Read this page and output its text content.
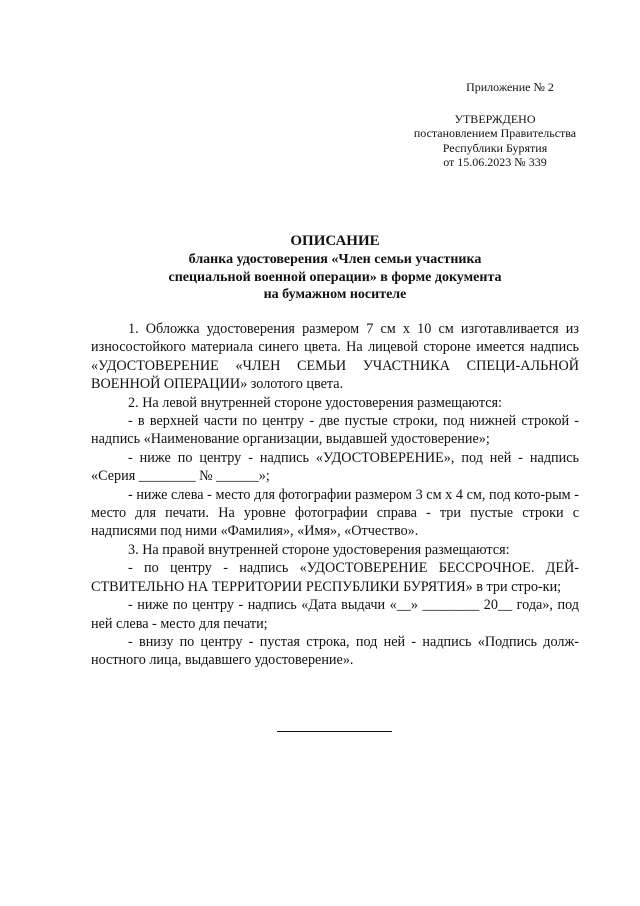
Приложение № 2
УТВЕРЖДЕНО
постановлением Правительства
Республики Бурятия
от 15.06.2023 № 339
ОПИСАНИЕ
бланка удостоверения «Член семьи участника
специальной военной операции» в форме документа
на бумажном носителе

1. Обложка удостоверения размером 7 см х 10 см изготавливается из износостойкого материала синего цвета. На лицевой стороне имеется надпись «УДОСТОВЕРЕНИЕ «ЧЛЕН СЕМЬИ УЧАСТНИКА СПЕЦИ-АЛЬНОЙ ВОЕННОЙ ОПЕРАЦИИ» золотого цвета.

2. На левой внутренней стороне удостоверения размещаются:

- в верхней части по центру - две пустые строки, под нижней строкой - надпись «Наименование организации, выдавшей удостоверение»;

- ниже по центру - надпись «УДОСТОВЕРЕНИЕ», под ней - надпись «Серия ________ № ______»;

- ниже слева - место для фотографии размером 3 см х 4 см, под кото-рым - место для печати. На уровне фотографии справа - три пустые строки с надписями под ними «Фамилия», «Имя», «Отчество».

3. На правой внутренней стороне удостоверения размещаются:

- по центру - надпись «УДОСТОВЕРЕНИЕ БЕССРОЧНОЕ. ДЕЙ-СТВИТЕЛЬНО НА ТЕРРИТОРИИ РЕСПУБЛИКИ БУРЯТИЯ» в три стро-ки;

- ниже по центру - надпись «Дата выдачи «__» ________ 20__ года», под ней слева - место для печати;

- внизу по центру - пустая строка, под ней - надпись «Подпись долж-ностного лица, выдавшего удостоверение».
